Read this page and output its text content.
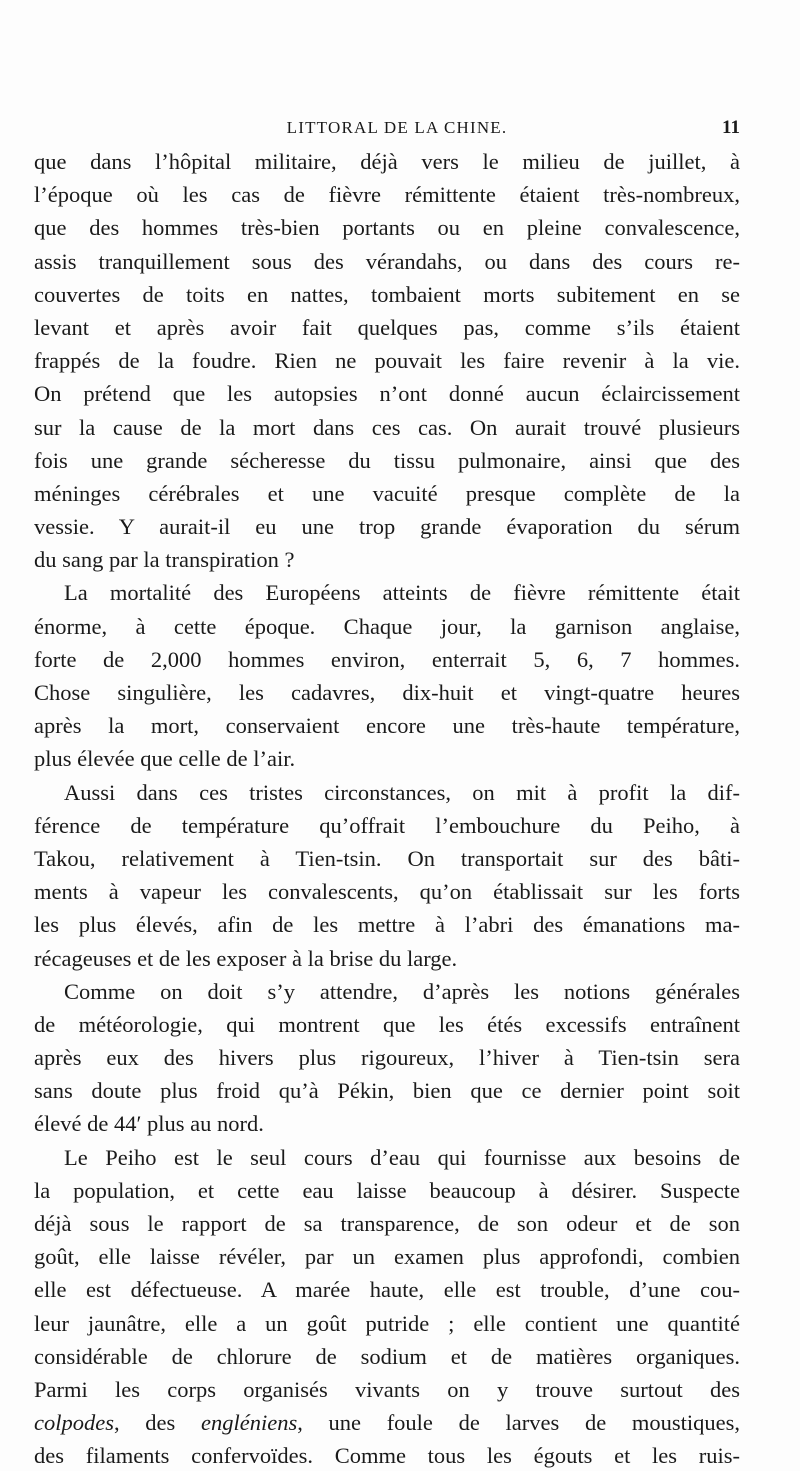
LITTORAL DE LA CHINE.	11
que dans l’hôpital militaire, déjà vers le milieu de juillet, à
l’époque où les cas de fièvre rémittente étaient très-nombreux,
que des hommes très-bien portants ou en pleine convalescence,
assis tranquillement sous des vérandahs, ou dans des cours re-
couvertes de toits en nattes, tombaient morts subitement en se
levant et après avoir fait quelques pas, comme s’ils étaient
frappés de la foudre. Rien ne pouvait les faire revenir à la vie.
On prétend que les autopsies n’ont donné aucun éclaircissement
sur la cause de la mort dans ces cas. On aurait trouvé plusieurs
fois une grande sécheresse du tissu pulmonaire, ainsi que des
méninges cérébrales et une vacuité presque complète de la
vessie. Y aurait-il eu une trop grande évaporation du sérum
du sang par la transpiration ?
La mortalité des Européens atteints de fièvre rémittente était
énorme, à cette époque. Chaque jour, la garnison anglaise,
forte de 2,000 hommes environ, enterrait 5, 6, 7 hommes.
Chose singulière, les cadavres, dix-huit et vingt-quatre heures
après la mort, conservaient encore une très-haute température,
plus élevée que celle de l’air.
Aussi dans ces tristes circonstances, on mit à profit la dif-
férence de température qu’offrait l’embouchure du Peiho, à
Takou, relativement à Tien-tsin. On transportait sur des bâti-
ments à vapeur les convalescents, qu’on établissait sur les forts
les plus élevés, afin de les mettre à l’abri des émanations ma-
récageuses et de les exposer à la brise du large.
Comme on doit s’y attendre, d’après les notions générales
de météorologie, qui montrent que les étés excessifs entraînent
après eux des hivers plus rigoureux, l’hiver à Tien-tsin sera
sans doute plus froid qu’à Pékin, bien que ce dernier point soit
élevé de 44′ plus au nord.
Le Peiho est le seul cours d’eau qui fournisse aux besoins de
la population, et cette eau laisse beaucoup à désirer. Suspecte
déjà sous le rapport de sa transparence, de son odeur et de son
goût, elle laisse révéler, par un examen plus approfondi, combien
elle est défectueuse. A marée haute, elle est trouble, d’une cou-
leur jaunâtre, elle a un goût putride ; elle contient une quantité
considérable de chlorure de sodium et de matières organiques.
Parmi les corps organisés vivants on y trouve surtout des
colpodes, des engléniens, une foule de larves de moustiques,
des filaments confervoïdes. Comme tous les égouts et les ruis-
